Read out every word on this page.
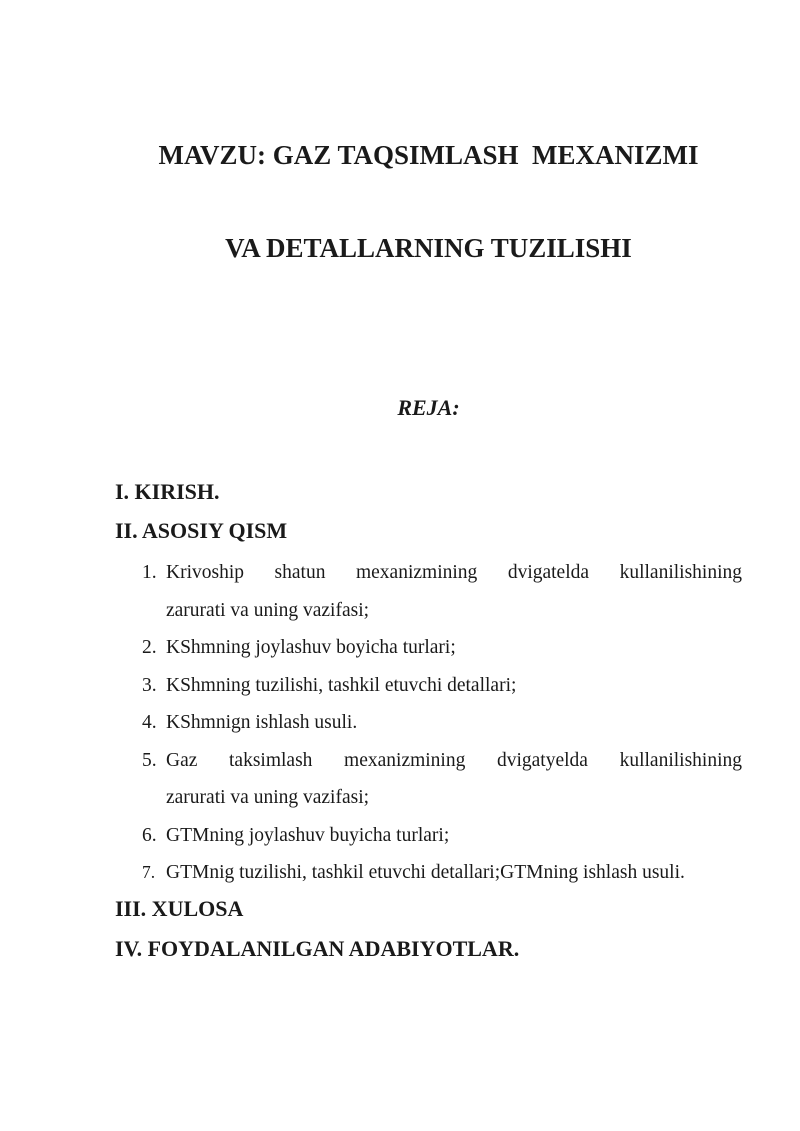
MAVZU: GAZ TAQSIMLASH  MEXANIZMI

VA DETALLARNING TUZILISHI

REJA:
I. KIRISH.
II. ASOSIY QISM
1. Krivoship shatun mexanizmining dvigatelda kullanilishining
zarurati va uning vazifasi;
2. KShmning joylashuv boyicha turlari;
3. KShmning tuzilishi, tashkil etuvchi detallari;
4. KShmnign ishlash usuli.
5. Gaz taksimlash mexanizmining dvigatyelda kullanilishining
zarurati va uning vazifasi;
6. GTMning joylashuv buyicha turlari;
7. GTMnig tuzilishi, tashkil etuvchi detallari;GTMning ishlash usuli.
III. XULOSA
IV. FOYDALANILGAN ADABIYOTLAR.
